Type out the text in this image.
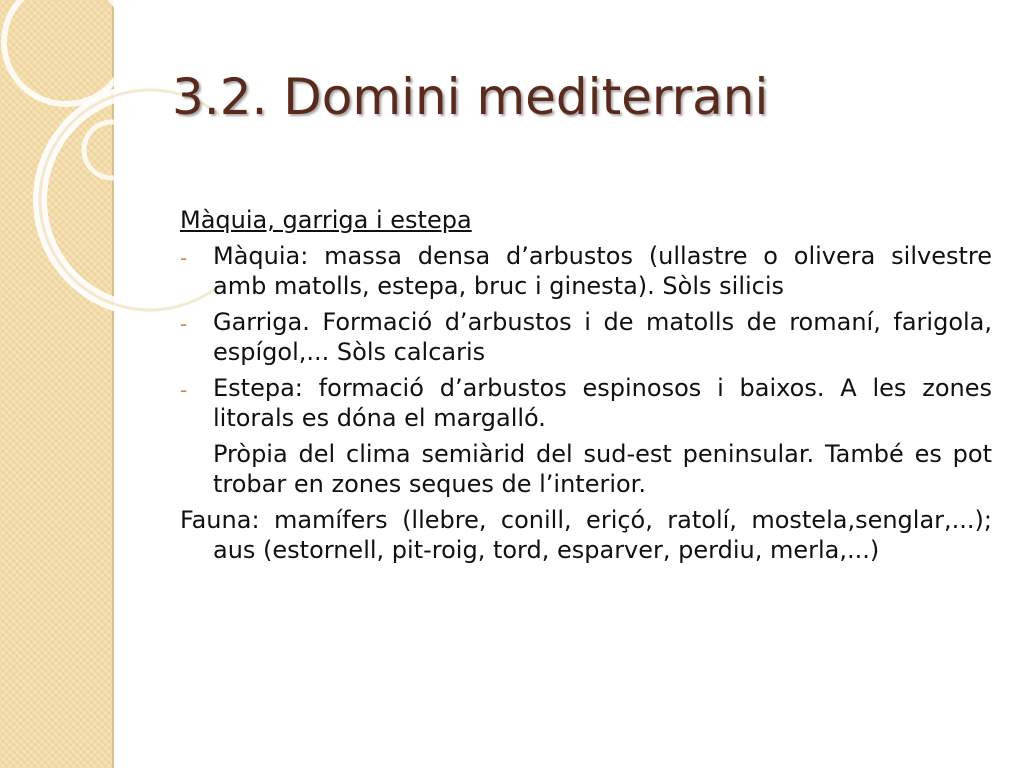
3.2. Domini mediterrani
Màquia, garriga i estepa
- Màquia: massa densa d’arbustos (ullastre o olivera silvestre amb matolls, estepa, bruc i ginesta). Sòls silicis
- Garriga. Formació d’arbustos i de matolls de romaní, farigola, espígol,... Sòls calcaris
- Estepa: formació d’arbustos espinosos i baixos. A les zones litorals es dóna el margalló.
Pròpia del clima semiàrid del sud-est peninsular. També es pot trobar en zones seques de l’interior.
Fauna: mamífers (llebre, conill, eriçó, ratolí, mostela,senglar,...); aus (estornell, pit-roig, tord, esparver, perdiu, merla,...)
